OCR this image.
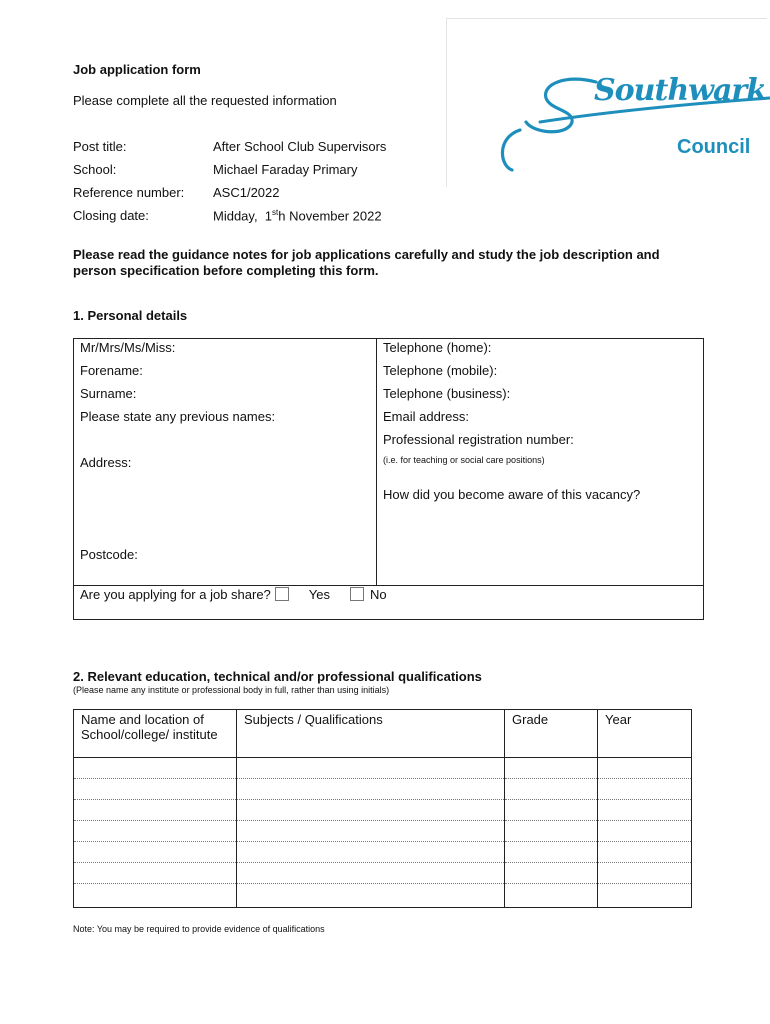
Job application form
Please complete all the requested information
Post title:	After School Club Supervisors
School:	Michael Faraday Primary
Reference number: ASC1/2022
Closing date:	Midday,  1sth November 2022
Southwark
Council
Please read the guidance notes for job applications carefully and study the job description and person specification before completing this form.
1. Personal details
Mr/Mrs/Ms/Miss:
Forename:
Surname:
Please state any previous names:
Address:
Postcode:
Telephone (home):
Telephone (mobile):
Telephone (business):
Email address:
Professional registration number:
(i.e. for teaching or social care positions)
How did you become aware of this vacancy?
Are you applying for a job share?	Yes	No
2. Relevant education, technical and/or professional qualifications
(Please name any institute or professional body in full, rather than using initials)
Name and location of School/college/ institute	Subjects / Qualifications	Grade	Year

Note: You may be required to provide evidence of qualifications
